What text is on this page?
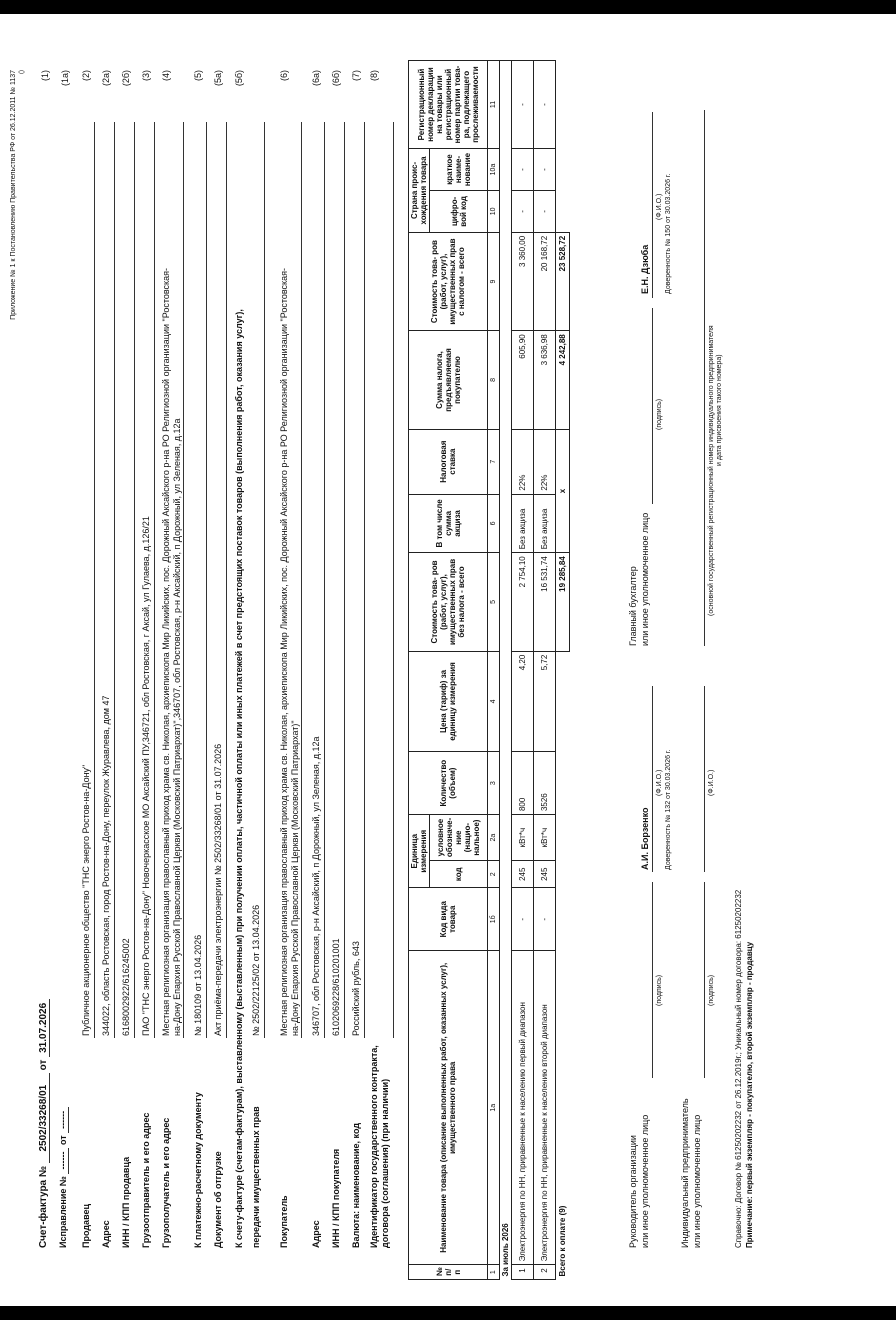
Приложение № 1 к Постановлению Правительства РФ от 26.12.2011 № 1137 ()
Счет-фактура № 2502/33268/01 от 31.07.2026
(1)
Исправление № ------ от ------
(1а)
Продавец
Публичное акционерное общество "ТНС энерго Ростов-на-Дону"
(2)
Адрес
344022, область Ростовская, город Ростов-на-Дону, переулок Журавлева, дом 47
(2а)
ИНН / КПП продавца
6168002922/616245002
(2б)
Грузоотправитель и его адрес
ПАО "ТНС энерго Ростов-на-Дону" Новочеркасское МО Аксайский ПУ,346721, обл Ростовская, г Аксай, ул Гулаева, д.126/21
(3)
Грузополучатель и его адрес
Местная религиозная организация православный приход храма св. Николая, архиепископа Мир Ликийских, пос. Дорожный Аксайского р-на РО Религиозной организации "Ростовская- на-Дону Епархия Русской Православной Церкви (Московский Патриархат)",346707, обл Ростовская, р-н Аксайский, п Дорожный, ул Зеленая, д.12а
(4)
К платежно-расчетному документу
№ 180109 от 13.04.2026
(5)
Документ об отгрузке
Акт приёма-передачи электроэнергии № 2502/33268/01 от 31.07.2026
(5а)
К счету-фактуре (счетам-фактурам), выставленному (выставленным) при получении оплаты, частичной оплаты или иных платежей в счет предстоящих поставок товаров (выполнения работ, оказания услуг),
(5б)
передачи имущественных прав
№ 2502/22125/02 от 13.04.2026
Покупатель
Местная религиозная организация православный приход храма св. Николая, архиепископа Мир Ликийских, пос. Дорожный Аксайского р-на РО Религиозной организации "Ростовская- на-Дону Епархия Русской Православной Церкви (Московский Патриархат)"
(6)
Адрес
346707, обл Ростовская, р-н Аксайский, п Дорожный, ул Зеленая, д.12а
(6а)
ИНН / КПП покупателя
6102069228/610201001
(6б)
Валюта: наименование, код
Российский рубль, 643
(7)
Идентификатор государственного контракта, договора (соглашения) (при наличии)
(8)
№ п/п	Наименование товара (описание выполненных работ, оказанных услуг), имущественного права	Код вида товара	Единица измерения		Количество (объем)	Цена (тариф) за единицу измерения	Стоимость това- ров (работ, услуг), имущественных прав без налога - всего	В том числе сумма акциза	Налоговая ставка	Сумма налога, предъявляемая покупателю	Стоимость това- ров (работ, услуг), имущественных прав с налогом - всего	Страна проис- хождения товара		Регистрационный номер декларации на товары или регистрационный номер партии това- ра, подлежащего прослеживаемости
			код	условное обозначе- ние (нацио- нальное)								цифро- вой код	краткое наиме- нование	
1	1а	1б	2	2а	3	4	5	6	7	8	9	10	10а	11
За июль 2026														
1	Электроэнергия по НН, приравненные к населению первый диапазон	-	245	кВт*ч	800	4,20	2 754,10	Без акциза	22%	605,90	3 360,00	-	-	-
2	Электроэнергия по НН, приравненные к населению второй диапазон	-	245	кВт*ч	3526	5,72	16 531,74	Без акциза	22%	3 636,98	20 168,72	-	-	-
Всего к оплате (9)							19 285,84	x		4 242,88	23 528,72			
Руководитель организации или иное уполномоченное лицо
(подпись)
А.И. Борзенко
(Ф.И.О.) Доверенность № 132 от 30.03.2026 г.
Главный бухгалтер или иное уполномоченное лицо
(подпись)
Е.Н. Дзюба
(Ф.И.О.) Доверенность № 150 от 30.03.2026 г.
Индивидуальный предприниматель или иное уполномоченное лицо
(подпись)
(Ф.И.О.)
(основной государственный регистрационный номер индивидуального предпринимателя и дата присвоения такого номера)
Справочно: Договор № 61250202232 от 26.12.2019г.; Уникальный номер договора: 61250202232 Примечание: первый экземпляр - покупателю, второй экземпляр - продавцу
